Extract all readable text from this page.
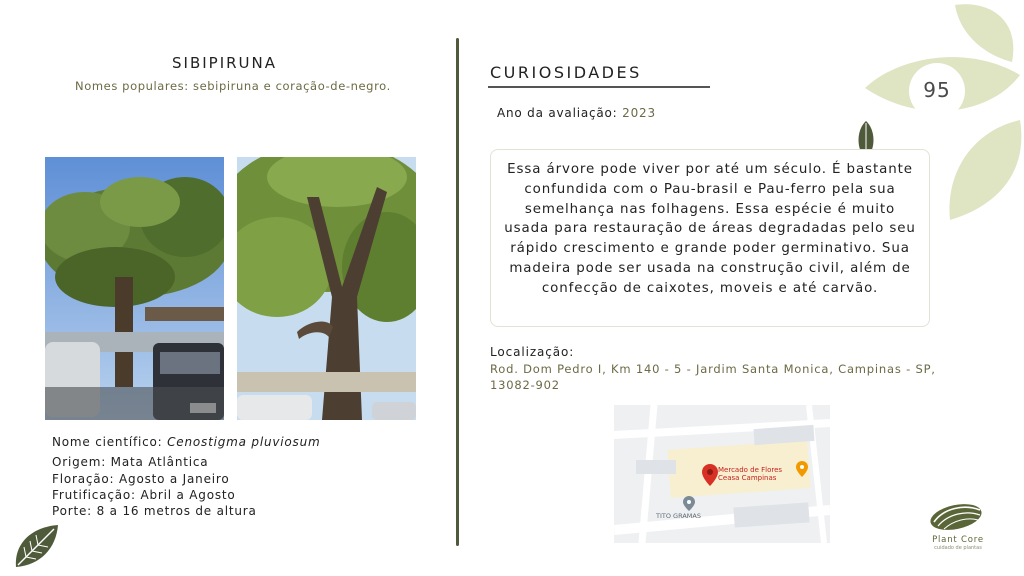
95
SIBIPIRUNA
Nomes populares: sebipiruna e coração-de-negro.
Nome científico: Cenostigma pluviosum
Origem: Mata Atlântica
Floração: Agosto a Janeiro
Frutificação: Abril a Agosto
Porte: 8 a 16 metros de altura
CURIOSIDADES
Ano da avaliação: 2023

Essa árvore pode viver por até um século. É bastante confundida com o Pau-brasil e Pau-ferro pela sua semelhança nas folhagens. Essa espécie é muito usada para restauração de áreas degradadas pelo seu rápido crescimento e grande poder germinativo. Sua madeira pode ser usada na construção civil, além de confecção de caixotes, moveis e até carvão.

Localização:
Rod. Dom Pedro I, Km 140 - 5 - Jardim Santa Monica, Campinas - SP, 13082-902
Mercado de Flores
Ceasa Campinas
TITO GRAMAS
Plant Core
cuidado de plantas
